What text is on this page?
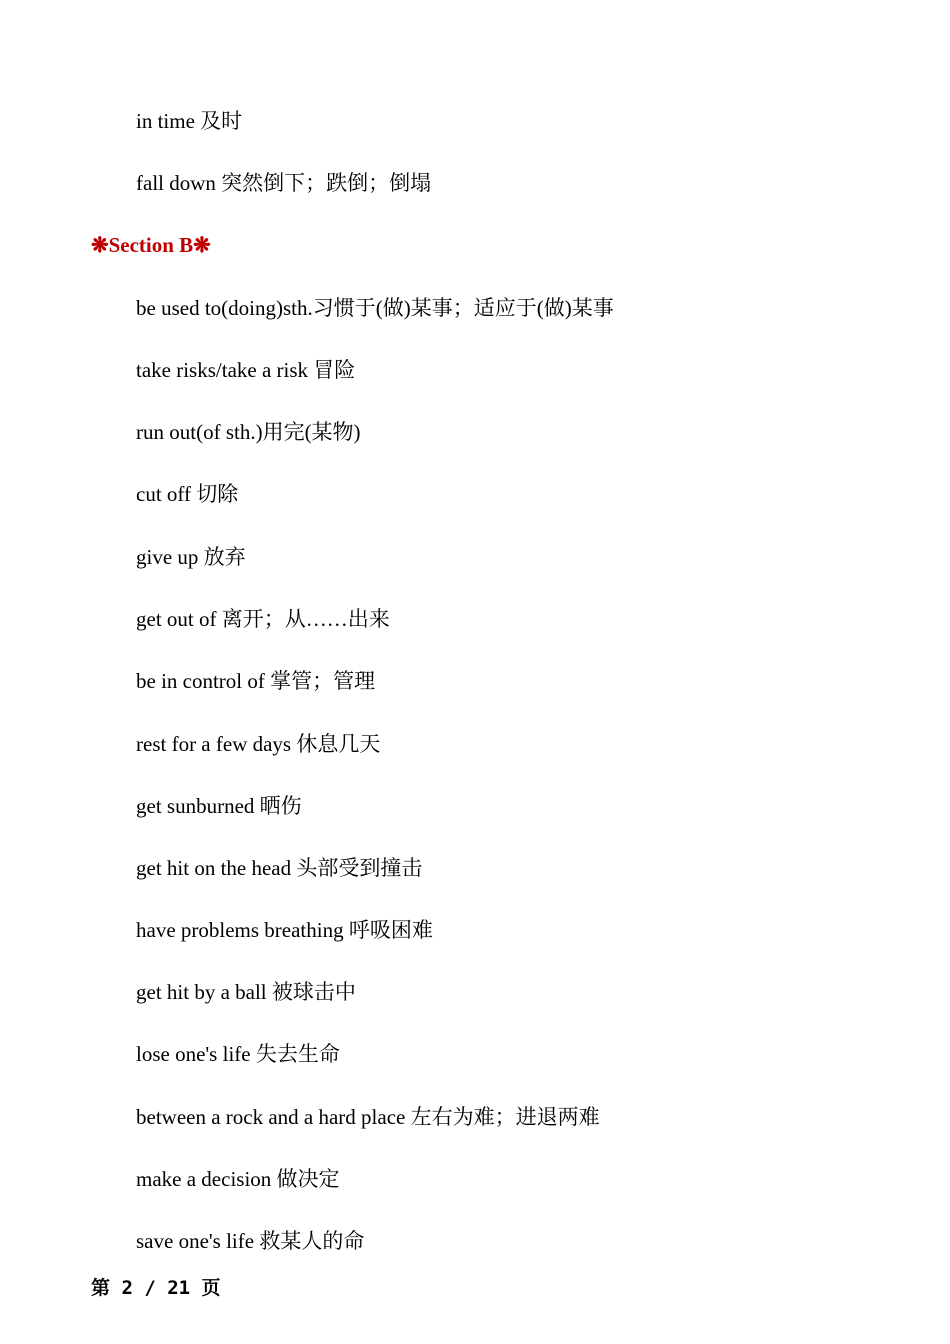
in time 及时
fall down 突然倒下；跌倒；倒塌
❋Section B❋
be used to(doing)sth.习惯于(做)某事；适应于(做)某事
take risks/take a risk 冒险
run out(of sth.)用完(某物)
cut off 切除
give up 放弃
get out of 离开；从……出来
be in control of 掌管；管理
rest for a few days 休息几天
get sunburned 晒伤
get hit on the head 头部受到撞击
have problems breathing 呼吸困难
get hit by a ball 被球击中
lose one's life 失去生命
between a rock and a hard place 左右为难；进退两难
make a decision 做决定
save one's life 救某人的命
第 2 / 21 页
